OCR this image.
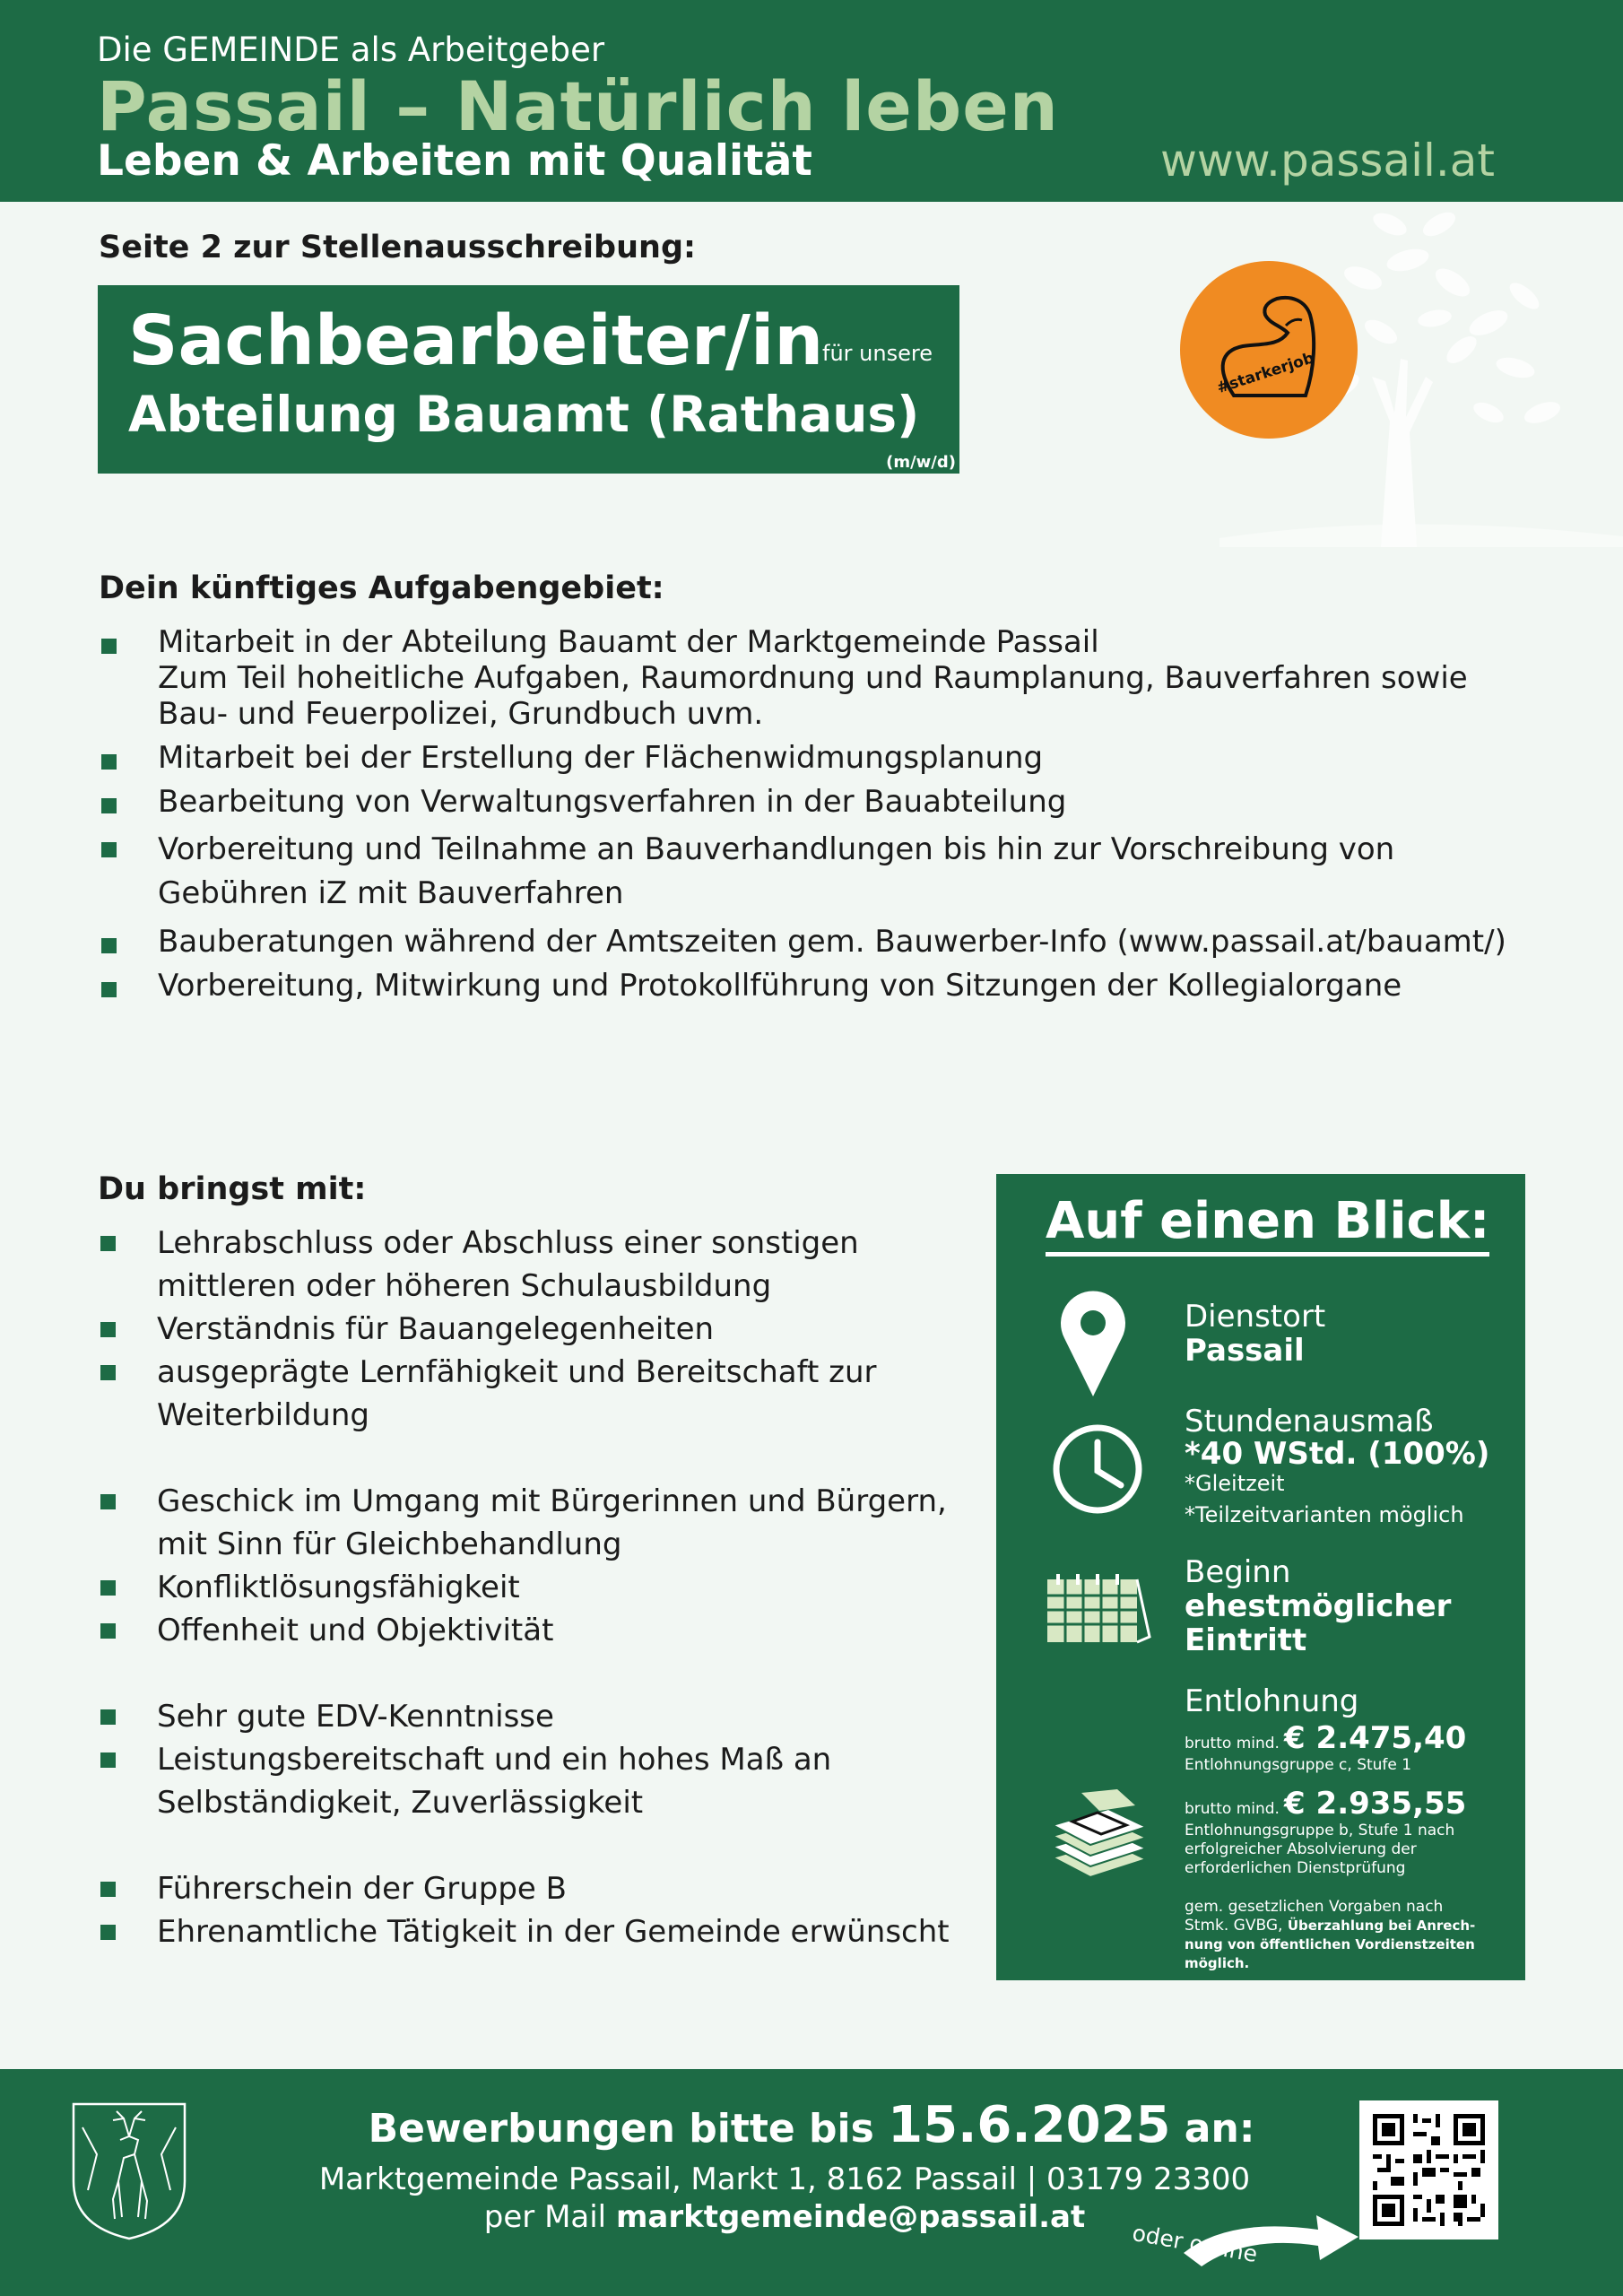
Die GEMEINDE als Arbeitgeber
Passail – Natürlich leben
Leben & Arbeiten mit Qualität	www.passail.at
#starkerjob
Seite 2 zur Stellenausschreibung:
Sachbearbeiter/in
für unsere
Abteilung Bauamt (Rathaus)
(m/w/d)
Dein künftiges Aufgabengebiet:
Mitarbeit in der Abteilung Bauamt der Marktgemeinde Passail
Zum Teil hoheitliche Aufgaben, Raumordnung und Raumplanung, Bauverfahren sowie
Bau- und Feuerpolizei, Grundbuch uvm.
Mitarbeit bei der Erstellung der Flächenwidmungsplanung
Bearbeitung von Verwaltungsverfahren in der Bauabteilung
Vorbereitung und Teilnahme an Bauverhandlungen bis hin zur Vorschreibung von Gebühren iZ mit Bauverfahren
Bauberatungen während der Amtszeiten gem. Bauwerber-Info (www.passail.at/bauamt/)
Vorbereitung, Mitwirkung und Protokollführung von Sitzungen der Kollegialorgane
Du bringst mit:
Lehrabschluss oder Abschluss einer sonstigen mittleren oder höheren Schulausbildung
Verständnis für Bauangelegenheiten
ausgeprägte Lernfähigkeit und Bereitschaft zur Weiterbildung
Geschick im Umgang mit Bürgerinnen und Bürgern, mit Sinn für Gleichbehandlung
Konfliktlösungsfähigkeit
Offenheit und Objektivität
Sehr gute EDV-Kenntnisse
Leistungsbereitschaft und ein hohes Maß an Selbständigkeit, Zuverlässigkeit
Führerschein der Gruppe B
Ehrenamtliche Tätigkeit in der Gemeinde erwünscht
Auf einen Blick:
Dienstort
Passail
Stundenausmaß
*40 WStd. (100%)
*Gleitzeit
*Teilzeitvarianten möglich
Beginn
ehestmöglicher
Eintritt
Entlohnung
brutto mind. € 2.475,40
Entlohnungsgruppe c, Stufe 1
brutto mind. € 2.935,55
Entlohnungsgruppe b, Stufe 1 nach
erfolgreicher Absolvierung der
erforderlichen Dienstprüfung
gem. gesetzlichen Vorgaben nach
Stmk. GVBG, Überzahlung bei Anrech-
nung von öffentlichen Vordienstzeiten
möglich.
Bewerbungen bitte bis 15.6.2025 an:
Marktgemeinde Passail, Markt 1, 8162 Passail | 03179 23300
per Mail marktgemeinde@passail.at
oder online
